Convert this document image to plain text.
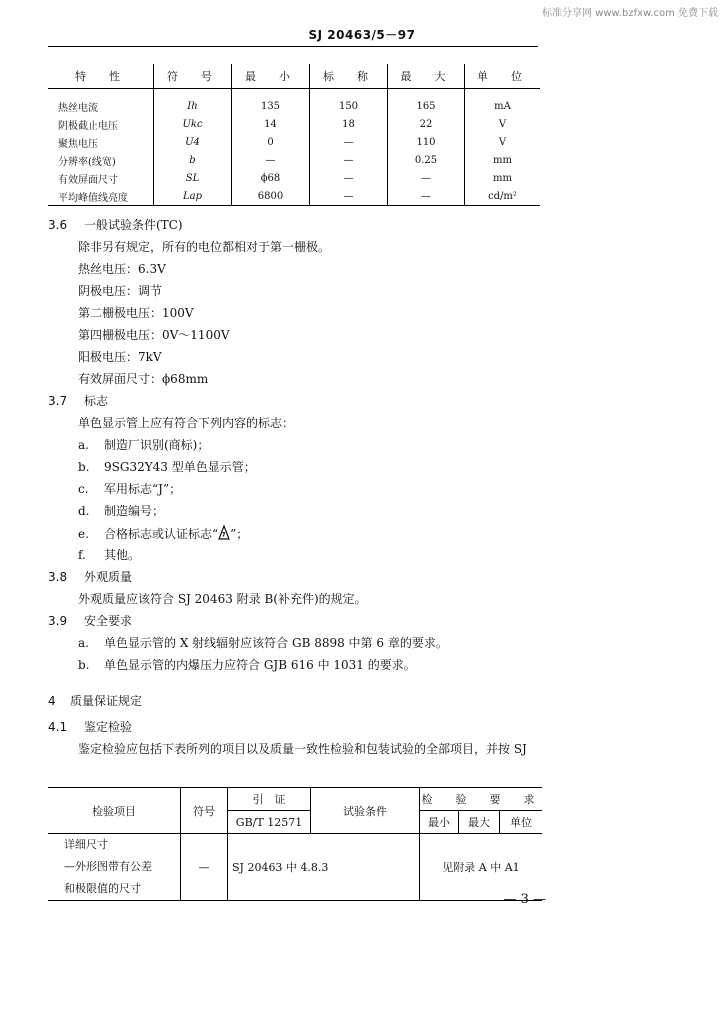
标准分享网 www.bzfxw.com 免费下载
SJ 20463/5－97
特　性	符　号	最　小	标　称	最　大	单　位
热丝电流	Ih	135	150	165	mA
阴极截止电压	Ukc	14	18	22	V
聚焦电压	U4	0	—	110	V
分辨率(线宽)	b	—	—	0.25	mm
有效屏面尺寸	SL	ϕ68	—	—	mm
平均峰值线亮度	Lap	6800	—	—	cd/m²
3.6 一般试验条件(TC)
除非另有规定，所有的电位都相对于第一栅极。
热丝电压：6.3V
阴极电压：调节
第二栅极电压：100V
第四栅极电压：0V～1100V
阳极电压：7kV
有效屏面尺寸：ϕ68mm
3.7 标志
单色显示管上应有符合下列内容的标志：
a. 制造厂识别(商标)；
b. 9SG32Y43 型单色显示管；
c. 军用标志“J”；
d. 制造编号；
e. 合格标志或认证标志“ ”；
f. 其他。
3.8 外观质量
外观质量应该符合 SJ 20463 附录 B(补充件)的规定。
3.9 安全要求
a. 单色显示管的 X 射线辐射应该符合 GB 8898 中第 6 章的要求。
b. 单色显示管的内爆压力应符合 GJB 616 中 1031 的要求。
4 质量保证规定
4.1 鉴定检验
鉴定检验应包括下表所列的项目以及质量一致性检验和包装试验的全部项目，并按 SJ
检验项目	符号	引　证	试验条件	检　验　要　求		
		GB/T 12571		最小	最大	单位

详细尺寸
—外形图带有公差
和极限值的尺寸	—	SJ 20463 中 4.8.3		见附录 A 中 A1		
— 3 —
